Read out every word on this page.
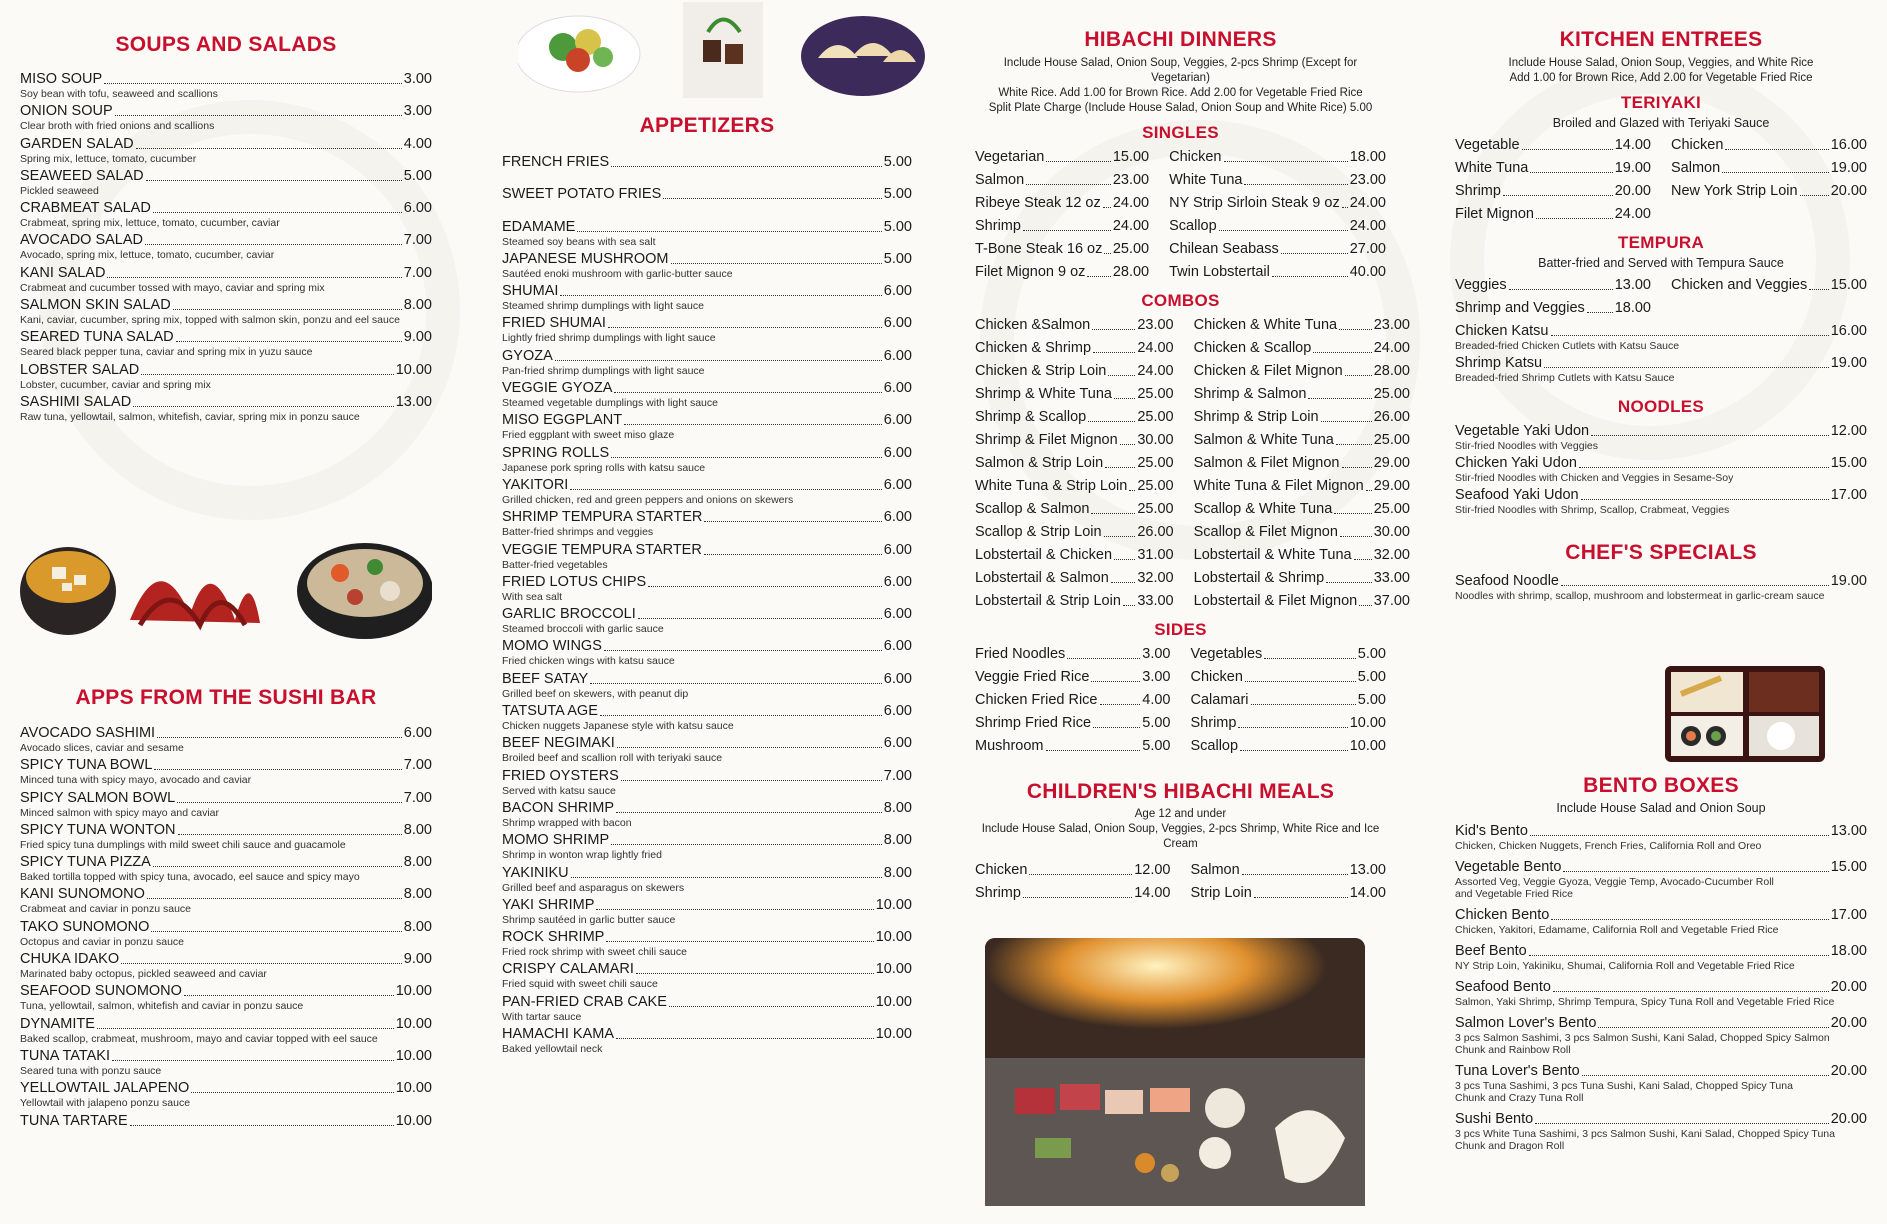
SOUPS AND SALADS
MISO SOUP	3.00
Soy bean with tofu, seaweed and scallions
ONION SOUP	3.00
Clear broth with fried onions and scallions
GARDEN SALAD	4.00
Spring mix, lettuce, tomato, cucumber
SEAWEED SALAD	5.00
Pickled seaweed
CRABMEAT SALAD	6.00
Crabmeat, spring mix, lettuce, tomato, cucumber, caviar
AVOCADO SALAD	7.00
Avocado, spring mix, lettuce, tomato, cucumber, caviar
KANI SALAD	7.00
Crabmeat and cucumber tossed with mayo, caviar and spring mix
SALMON SKIN SALAD	8.00
Kani, caviar, cucumber, spring mix, topped with salmon skin, ponzu and eel sauce
SEARED TUNA SALAD	9.00
Seared black pepper tuna, caviar and spring mix in yuzu sauce
LOBSTER SALAD	10.00
Lobster, cucumber, caviar and spring mix
SASHIMI SALAD	13.00
Raw tuna, yellowtail, salmon, whitefish, caviar, spring mix in ponzu sauce
APPS FROM THE SUSHI BAR
AVOCADO SASHIMI	6.00
Avocado slices, caviar and sesame
SPICY TUNA BOWL	7.00
Minced tuna with spicy mayo, avocado and caviar
SPICY SALMON BOWL	7.00
Minced salmon with spicy mayo and caviar
SPICY TUNA WONTON	8.00
Fried spicy tuna dumplings with mild sweet chili sauce and guacamole
SPICY TUNA PIZZA	8.00
Baked tortilla topped with spicy tuna, avocado, eel sauce and spicy mayo
KANI SUNOMONO	8.00
Crabmeat and caviar in ponzu sauce
TAKO SUNOMONO	8.00
Octopus and caviar in ponzu sauce
CHUKA IDAKO	9.00
Marinated baby octopus, pickled seaweed and caviar
SEAFOOD SUNOMONO	10.00
Tuna, yellowtail, salmon, whitefish and caviar in ponzu sauce
DYNAMITE	10.00
Baked scallop, crabmeat, mushroom, mayo and caviar topped with eel sauce
TUNA TATAKI	10.00
Seared tuna with ponzu sauce
YELLOWTAIL JALAPENO	10.00
Yellowtail with jalapeno ponzu sauce
TUNA TARTARE	10.00
APPETIZERS
FRENCH FRIES	5.00
SWEET POTATO FRIES	5.00
EDAMAME	5.00
Steamed soy beans with sea salt
JAPANESE MUSHROOM	5.00
Sautéed enoki mushroom with garlic-butter sauce
SHUMAI	6.00
Steamed shrimp dumplings with light sauce
FRIED SHUMAI	6.00
Lightly fried shrimp dumplings with light sauce
GYOZA	6.00
Pan-fried shrimp dumplings with light sauce
VEGGIE GYOZA	6.00
Steamed vegetable dumplings with light sauce
MISO EGGPLANT	6.00
Fried eggplant with sweet miso glaze
SPRING ROLLS	6.00
Japanese pork spring rolls with katsu sauce
YAKITORI	6.00
Grilled chicken, red and green peppers and onions on skewers
SHRIMP TEMPURA STARTER	6.00
Batter-fried shrimps and veggies
VEGGIE TEMPURA STARTER	6.00
Batter-fried vegetables
FRIED LOTUS CHIPS	6.00
With sea salt
GARLIC BROCCOLI	6.00
Steamed broccoli with garlic sauce
MOMO WINGS	6.00
Fried chicken wings with katsu sauce
BEEF SATAY	6.00
Grilled beef on skewers, with peanut dip
TATSUTA AGE	6.00
Chicken nuggets Japanese style with katsu sauce
BEEF NEGIMAKI	6.00
Broiled beef and scallion roll with teriyaki sauce
FRIED OYSTERS	7.00
Served with katsu sauce
BACON SHRIMP	8.00
Shrimp wrapped with bacon
MOMO SHRIMP	8.00
Shrimp in wonton wrap lightly fried
YAKINIKU	8.00
Grilled beef and asparagus on skewers
YAKI SHRIMP	10.00
Shrimp sautéed in garlic butter sauce
ROCK SHRIMP	10.00
Fried rock shrimp with sweet chili sauce
CRISPY CALAMARI	10.00
Fried squid with sweet chili sauce
PAN-FRIED CRAB CAKE	10.00
With tartar sauce
HAMACHI KAMA	10.00
Baked yellowtail neck
HIBACHI DINNERS
Include House Salad, Onion Soup, Veggies, 2-pcs Shrimp (Except for Vegetarian)
White Rice. Add 1.00 for Brown Rice. Add 2.00 for Vegetable Fried Rice
Split Plate Charge (Include House Salad, Onion Soup and White Rice) 5.00
SINGLES
Vegetarian	15.00 Chicken	18.00
Salmon	23.00 White Tuna	23.00
Ribeye Steak 12 oz 24.00 NY Strip Sirloin Steak 9 oz 24.00
Shrimp	24.00 Scallop	24.00
T-Bone Steak 16 oz 25.00 Chilean Seabass	27.00
Filet Mignon 9 oz 28.00 Twin Lobstertail	40.00
COMBOS
Chicken &Salmon	23.00 Chicken & White Tuna	23.00
Chicken & Shrimp	24.00 Chicken & Scallop	24.00
Chicken & Strip Loin 24.00 Chicken & Filet Mignon 28.00
Shrimp & White Tuna 25.00 Shrimp & Salmon	25.00
Shrimp & Scallop	25.00 Shrimp & Strip Loin	26.00
Shrimp & Filet Mignon 30.00 Salmon & White Tuna	25.00
Salmon & Strip Loin 25.00 Salmon & Filet Mignon 29.00
White Tuna & Strip Loin 25.00 White Tuna & Filet Mignon 29.00
Scallop & Salmon	25.00 Scallop & White Tuna	25.00
Scallop & Strip Loin 26.00 Scallop & Filet Mignon 30.00
Lobstertail & Chicken 31.00 Lobstertail & White Tuna 32.00
Lobstertail & Salmon 32.00 Lobstertail & Shrimp	33.00
Lobstertail & Strip Loin 33.00 Lobstertail & Filet Mignon 37.00
SIDES
Fried Noodles	3.00 Vegetables	5.00
Veggie Fried Rice	3.00 Chicken	5.00
Chicken Fried Rice	4.00 Calamari	5.00
Shrimp Fried Rice	5.00 Shrimp	10.00
Mushroom	5.00 Scallop	10.00
CHILDREN'S HIBACHI MEALS
Age 12 and under
Include House Salad, Onion Soup, Veggies, 2-pcs Shrimp, White Rice and Ice Cream
Chicken	12.00 Salmon	13.00
Shrimp	14.00 Strip Loin	14.00
KITCHEN ENTREES
Include House Salad, Onion Soup, Veggies, and White Rice
Add 1.00 for Brown Rice, Add 2.00 for Vegetable Fried Rice
TERIYAKI
Broiled and Glazed with Teriyaki Sauce
Vegetable	14.00 Chicken	16.00
White Tuna	19.00 Salmon	19.00
Shrimp	20.00 New York Strip Loin 20.00
Filet Mignon	24.00
TEMPURA
Batter-fried and Served with Tempura Sauce
Veggies	13.00 Chicken and Veggies 15.00
Shrimp and Veggies 18.00
Chicken Katsu	16.00
Breaded-fried Chicken Cutlets with Katsu Sauce
Shrimp Katsu	19.00
Breaded-fried Shrimp Cutlets with Katsu Sauce
NOODLES
Vegetable Yaki Udon	12.00
Stir-fried Noodles with Veggies
Chicken Yaki Udon	15.00
Stir-fried Noodles with Chicken and Veggies in Sesame-Soy
Seafood Yaki Udon	17.00
Stir-fried Noodles with Shrimp, Scallop, Crabmeat, Veggies
CHEF'S SPECIALS
Seafood Noodle	19.00
Noodles with shrimp, scallop, mushroom and lobstermeat in garlic-cream sauce
BENTO BOXES
Include House Salad and Onion Soup
Kid's Bento	13.00
Chicken, Chicken Nuggets, French Fries, California Roll and Oreo
Vegetable Bento	15.00
Assorted Veg, Veggie Gyoza, Veggie Temp, Avocado-Cucumber Roll
and Vegetable Fried Rice
Chicken Bento	17.00
Chicken, Yakitori, Edamame, California Roll and Vegetable Fried Rice
Beef Bento	18.00
NY Strip Loin, Yakiniku, Shumai, California Roll and Vegetable Fried Rice
Seafood Bento	20.00
Salmon, Yaki Shrimp, Shrimp Tempura, Spicy Tuna Roll and Vegetable Fried Rice
Salmon Lover's Bento	20.00
3 pcs Salmon Sashimi, 3 pcs Salmon Sushi, Kani Salad, Chopped Spicy Salmon
Chunk and Rainbow Roll
Tuna Lover's Bento	20.00
3 pcs Tuna Sashimi, 3 pcs Tuna Sushi, Kani Salad, Chopped Spicy Tuna
Chunk and Crazy Tuna Roll
Sushi Bento	20.00
3 pcs White Tuna Sashimi, 3 pcs Salmon Sushi, Kani Salad, Chopped Spicy Tuna
Chunk and Dragon Roll
